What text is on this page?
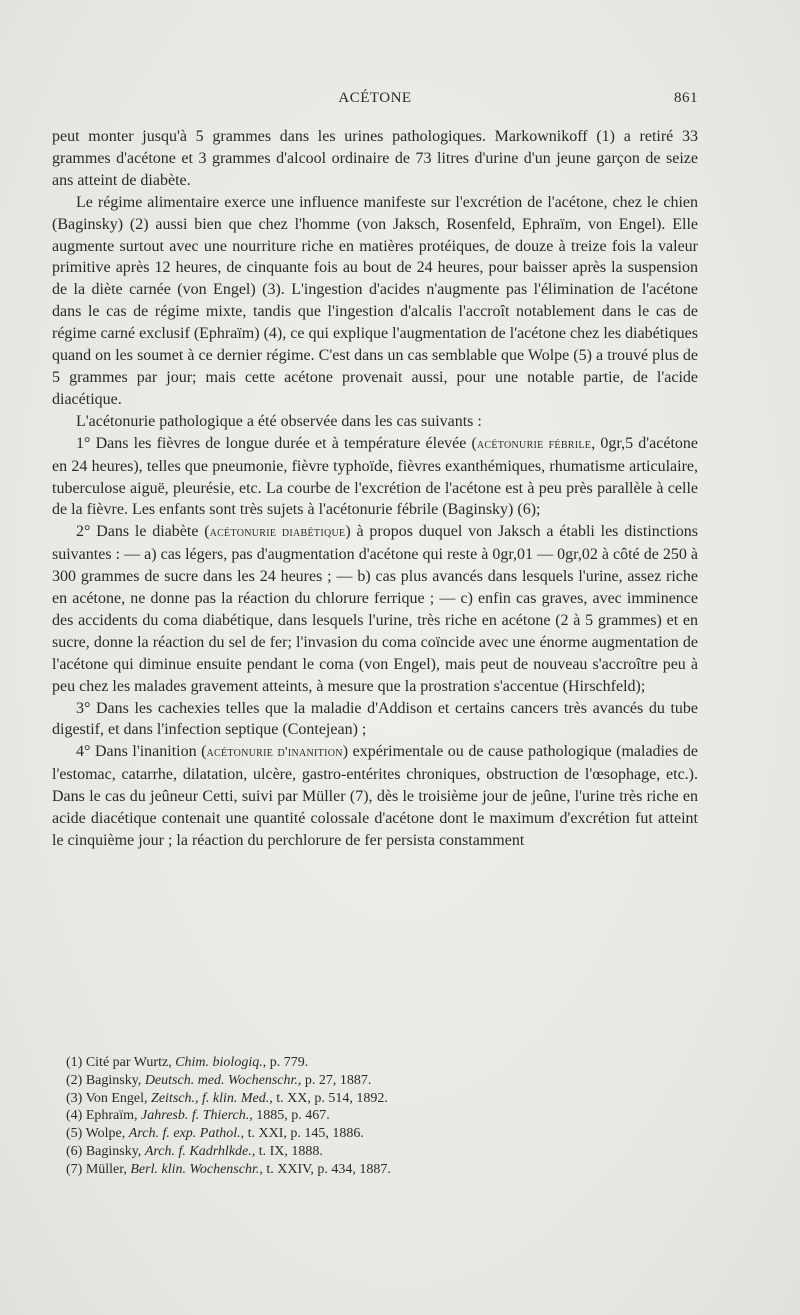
ACÉTONE	861

peut monter jusqu'à 5 grammes dans les urines pathologiques. Markownikoff (1) a retiré 33 grammes d'acétone et 3 grammes d'alcool ordinaire de 73 litres d'urine d'un jeune garçon de seize ans atteint de diabète.

Le régime alimentaire exerce une influence manifeste sur l'excrétion de l'acétone, chez le chien (Baginsky) (2) aussi bien que chez l'homme (von Jaksch, Rosenfeld, Ephraïm, von Engel). Elle augmente surtout avec une nourriture riche en matières protéiques, de douze à treize fois la valeur primitive après 12 heures, de cinquante fois au bout de 24 heures, pour baisser après la suspension de la diète carnée (von Engel) (3). L'ingestion d'acides n'augmente pas l'élimination de l'acétone dans le cas de régime mixte, tandis que l'ingestion d'alcalis l'accroît notablement dans le cas de régime carné exclusif (Ephraïm) (4), ce qui explique l'augmentation de l'acétone chez les diabétiques quand on les soumet à ce dernier régime. C'est dans un cas semblable que Wolpe (5) a trouvé plus de 5 grammes par jour; mais cette acétone provenait aussi, pour une notable partie, de l'acide diacétique.

L'acétonurie pathologique a été observée dans les cas suivants :

1° Dans les fièvres de longue durée et à température élevée (acétonurie fébrile, 0gr,5 d'acétone en 24 heures), telles que pneumonie, fièvre typhoïde, fièvres exanthémiques, rhumatisme articulaire, tuberculose aiguë, pleurésie, etc. La courbe de l'excrétion de l'acétone est à peu près parallèle à celle de la fièvre. Les enfants sont très sujets à l'acétonurie fébrile (Baginsky) (6);

2° Dans le diabète (acétonurie diabétique) à propos duquel von Jaksch a établi les distinctions suivantes : — a) cas légers, pas d'augmentation d'acétone qui reste à 0gr,01 — 0gr,02 à côté de 250 à 300 grammes de sucre dans les 24 heures ; — b) cas plus avancés dans lesquels l'urine, assez riche en acétone, ne donne pas la réaction du chlorure ferrique ; — c) enfin cas graves, avec imminence des accidents du coma diabétique, dans lesquels l'urine, très riche en acétone (2 à 5 grammes) et en sucre, donne la réaction du sel de fer; l'invasion du coma coïncide avec une énorme augmentation de l'acétone qui diminue ensuite pendant le coma (von Engel), mais peut de nouveau s'accroître peu à peu chez les malades gravement atteints, à mesure que la prostration s'accentue (Hirschfeld);

3° Dans les cachexies telles que la maladie d'Addison et certains cancers très avancés du tube digestif, et dans l'infection septique (Contejean) ;

4° Dans l'inanition (acétonurie d'inanition) expérimentale ou de cause pathologique (maladies de l'estomac, catarrhe, dilatation, ulcère, gastro-entérites chroniques, obstruction de l'œsophage, etc.). Dans le cas du jeûneur Cetti, suivi par Müller (7), dès le troisième jour de jeûne, l'urine très riche en acide diacétique contenait une quantité colossale d'acétone dont le maximum d'excrétion fut atteint le cinquième jour ; la réaction du perchlorure de fer persista constamment

(1) Cité par Wurtz, Chim. biologiq., p. 779.
(2) Baginsky, Deutsch. med. Wochenschr., p. 27, 1887.
(3) Von Engel, Zeitsch., f. klin. Med., t. XX, p. 514, 1892.
(4) Ephraïm, Jahresb. f. Thierch., 1885, p. 467.
(5) Wolpe, Arch. f. exp. Pathol., t. XXI, p. 145, 1886.
(6) Baginsky, Arch. f. Kadrhlkde., t. IX, 1888.
(7) Müller, Berl. klin. Wochenschr., t. XXIV, p. 434, 1887.
